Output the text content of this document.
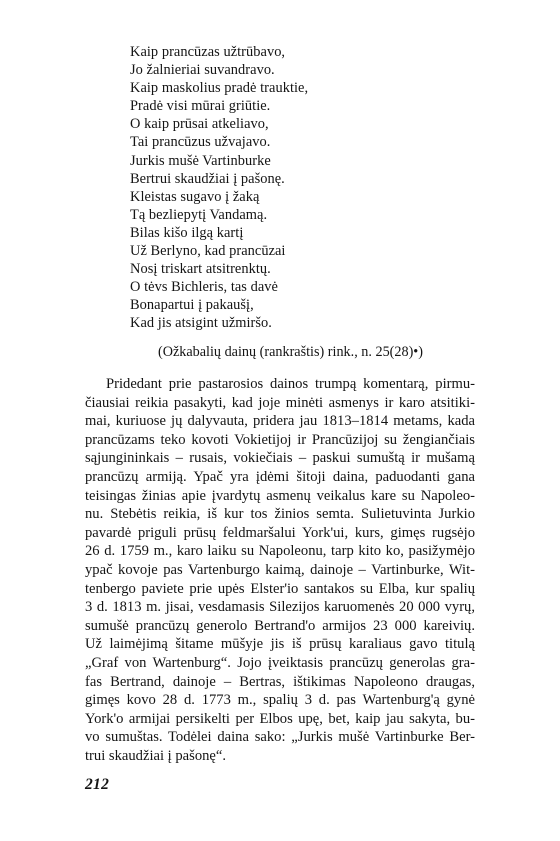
Kaip prancūzas užtrūbavo,
Jo žalnieriai suvandravo.
Kaip maskolius pradė trauktie,
Pradė visi mūrai griūtie.
O kaip prūsai atkeliavo,
Tai prancūzus užvajavo.
Jurkis mušė Vartinburke
Bertrui skaudžiai į pašonę.
Kleistas sugavo į žaką
Tą bezliepytį Vandamą.
Bilas kišo ilgą kartį
Už Berlyno, kad prancūzai
Nosį triskart atsitrenktų.
O tėvs Bichleris, tas davė
Bonapartui į pakaušį,
Kad jis atsigint užmiršo.
(Ožkabalių dainų (rankraštis) rink., n. 25(28)•)
Pridedant prie pastarosios dainos trumpą komentarą, pirmu-
čiausiai reikia pasakyti, kad joje minėti asmenys ir karo atsitiki-
mai, kuriuose jų dalyvauta, pridera jau 1813–1814 metams, kada
prancūzams teko kovoti Vokietijoj ir Prancūzijoj su žengiančiais
sąjungininkais – rusais, vokiečiais – paskui sumuštą ir mušamą
prancūzų armiją. Ypač yra įdėmi šitoji daina, paduodanti gana
teisingas žinias apie įvardytų asmenų veikalus kare su Napoleo-
nu. Stebėtis reikia, iš kur tos žinios semta. Sulietuvinta Jurkio
pavardė priguli prūsų feldmaršalui York'ui, kurs, gimęs rugsėjo
26 d. 1759 m., karo laiku su Napoleonu, tarp kito ko, pasižymėjo
ypač kovoje pas Vartenburgo kaimą, dainoje – Vartinburke, Wit-
tenbergo paviete prie upės Elster'io santakos su Elba, kur spalių
3 d. 1813 m. jisai, vesdamasis Silezijos karuomenės 20 000 vyrų,
sumušė prancūzų generolo Bertrand'o armijos 23 000 kareivių.
Už laimėjimą šitame mūšyje jis iš prūsų karaliaus gavo titulą
„Graf von Wartenburg“. Jojo įveiktasis prancūzų generolas gra-
fas Bertrand, dainoje – Bertras, ištikimas Napoleono draugas,
gimęs kovo 28 d. 1773 m., spalių 3 d. pas Wartenburg'ą gynė
York'o armijai persikelti per Elbos upę, bet, kaip jau sakyta, bu-
vo sumuštas. Todėlei daina sako: „Jurkis mušė Vartinburke Ber-
trui skaudžiai į pašonę“.
212
